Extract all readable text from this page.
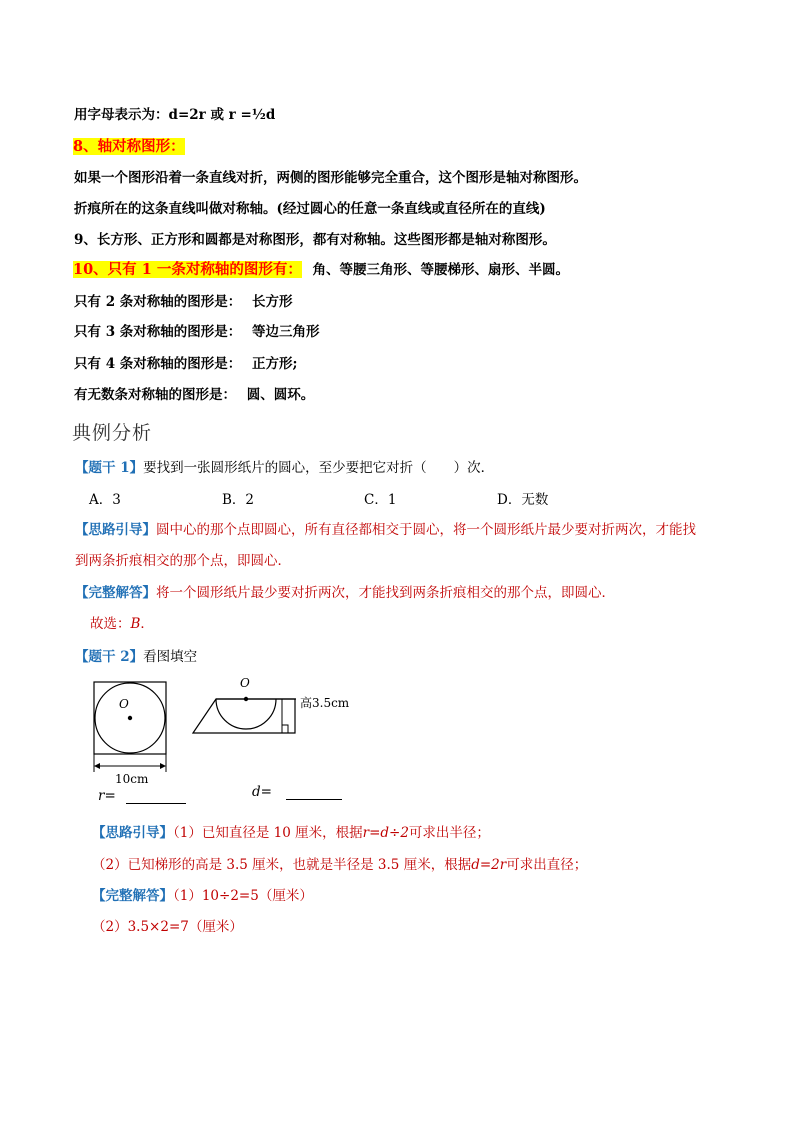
用字母表示为：d=2r 或 r =½d
8、轴对称图形：
如果一个图形沿着一条直线对折，两侧的图形能够完全重合，这个图形是轴对称图形。
折痕所在的这条直线叫做对称轴。(经过圆心的任意一条直线或直径所在的直线)
9、长方形、正方形和圆都是对称图形，都有对称轴。这些图形都是轴对称图形。
10、只有 1 一条对称轴的图形有： 角、等腰三角形、等腰梯形、扇形、半圆。
只有 2 条对称轴的图形是： 长方形
只有 3 条对称轴的图形是： 等边三角形
只有 4 条对称轴的图形是： 正方形;
有无数条对称轴的图形是： 圆、圆环。
典例分析
【题干 1】要找到一张圆形纸片的圆心，至少要把它对折（　　）次．
A．3	B．2	C．1	D．无数
【思路引导】圆中心的那个点即圆心，所有直径都相交于圆心，将一个圆形纸片最少要对折两次，才能找
到两条折痕相交的那个点，即圆心．
【完整解答】将一个圆形纸片最少要对折两次，才能找到两条折痕相交的那个点，即圆心．
故选：B．
【题干 2】看图填空
O
10cm
r=
O
高3.5cm
d=
【思路引导】（1）已知直径是 10 厘米，根据r=d÷2可求出半径；
（2）已知梯形的高是 3.5 厘米，也就是半径是 3.5 厘米，根据d=2r可求出直径；
【完整解答】（1）10÷2=5（厘米）
（2）3.5×2=7（厘米）
